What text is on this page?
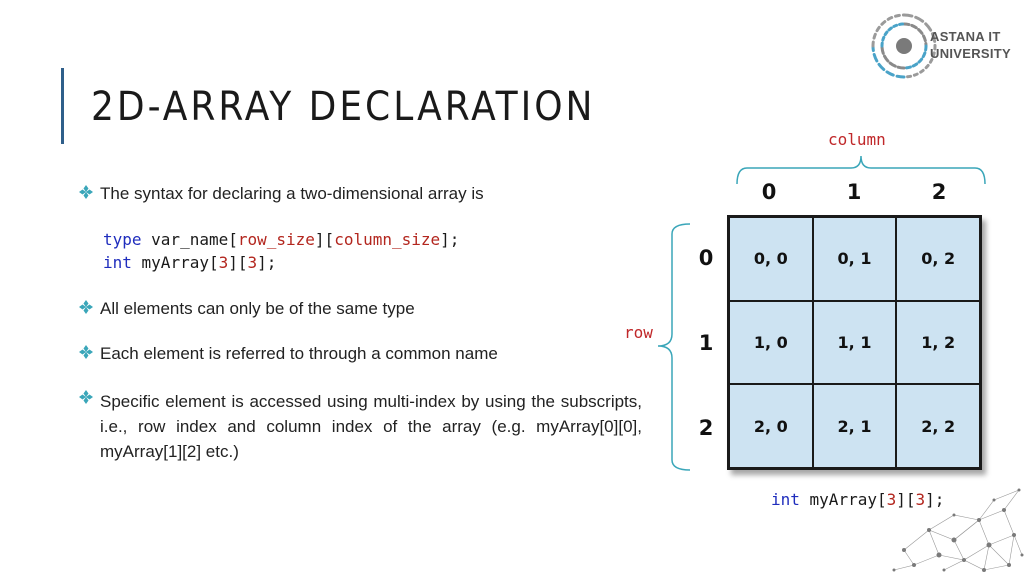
2D-ARRAY DECLARATION
ASTANA IT
UNIVERSITY
The syntax for declaring a two-dimensional array is
type var_name[row_size][column_size];
int myArray[3][3];
All elements can only be of the same type
Each element is referred to through a common name
Specific element is accessed using multi-index by using the subscripts, i.e., row index and column index of the array (e.g. myArray[0][0], myArray[1][2] etc.)
column
row
0	1	2
0
1
2
0, 0	0, 1	0, 2
1, 0	1, 1	1, 2
2, 0	2, 1	2, 2
int myArray[3][3];
